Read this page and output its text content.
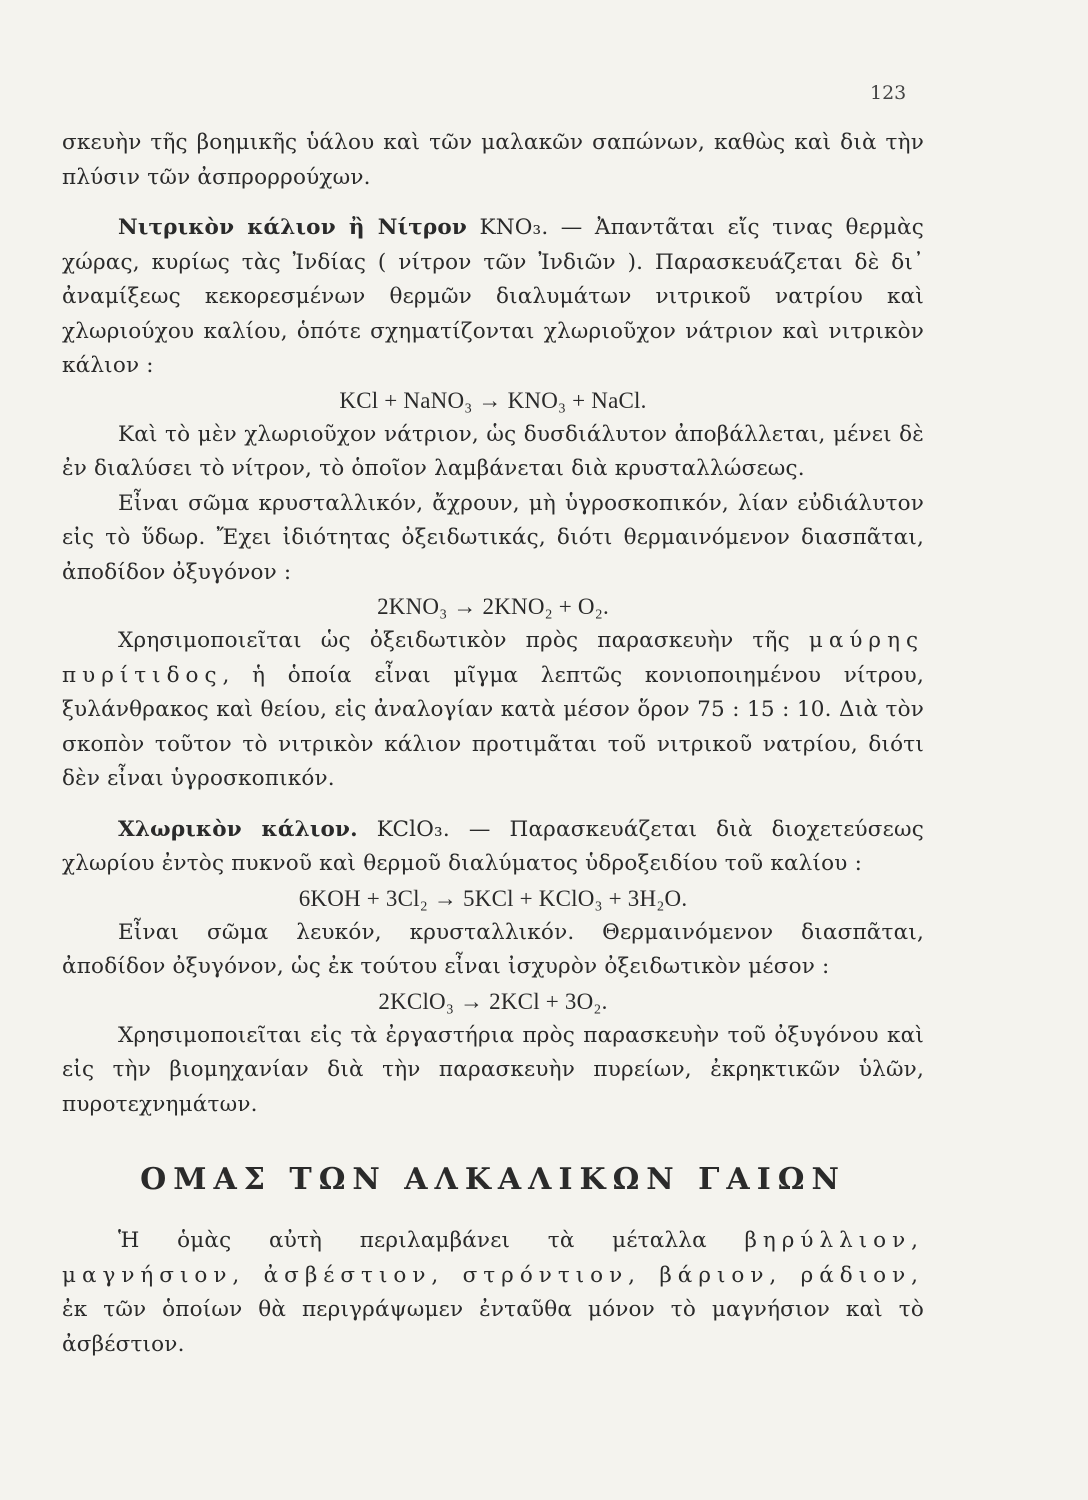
123

σκευὴν τῆς βοημικῆς ὑάλου καὶ τῶν μαλακῶν σαπώνων, καθὼς καὶ διὰ τὴν πλύσιν τῶν ἀσπρορρούχων.

Νιτρικὸν κάλιον ἢ Νίτρον KNO₃. — Ἀπαντᾶται εἴς τινας θερμὰς χώρας, κυρίως τὰς Ἰνδίας ( νίτρον τῶν Ἰνδιῶν ). Παρασκευάζεται δὲ δι᾽ ἀναμίξεως κεκορεσμένων θερμῶν διαλυμάτων νιτρικοῦ νατρίου καὶ χλωριούχου καλίου, ὁπότε σχηματίζονται χλωριοῦχον νάτριον καὶ νιτρικὸν κάλιον :

KCl + NaNO₃ → KNO₃ + NaCl.

Καὶ τὸ μὲν χλωριοῦχον νάτριον, ὡς δυσδιάλυτον ἀποβάλλεται, μένει δὲ ἐν διαλύσει τὸ νίτρον, τὸ ὁποῖον λαμβάνεται διὰ κρυσταλλώσεως.

Εἶναι σῶμα κρυσταλλικόν, ἄχρουν, μὴ ὑγροσκοπικόν, λίαν εὐδιάλυτον εἰς τὸ ὕδωρ. Ἔχει ἰδιότητας ὀξειδωτικάς, διότι θερμαινόμενον διασπᾶται, ἀποδίδον ὀξυγόνον :

2KNO₃ → 2KNO₂ + O₂.

Χρησιμοποιεῖται ὡς ὀξειδωτικὸν πρὸς παρασκευὴν τῆς μαύρης πυρίτιδος, ἡ ὁποία εἶναι μῖγμα λεπτῶς κονιοποιημένου νίτρου, ξυλάνθρακος καὶ θείου, εἰς ἀναλογίαν κατὰ μέσον ὅρον 75 : 15 : 10. Διὰ τὸν σκοπὸν τοῦτον τὸ νιτρικὸν κάλιον προτιμᾶται τοῦ νιτρικοῦ νατρίου, διότι δὲν εἶναι ὑγροσκοπικόν.

Χλωρικὸν κάλιον. KClO₃. — Παρασκευάζεται διὰ διοχετεύσεως χλωρίου ἐντὸς πυκνοῦ καὶ θερμοῦ διαλύματος ὑδροξειδίου τοῦ καλίου :

6KOH + 3Cl₂ → 5KCl + KClO₃ + 3H₂O.

Εἶναι σῶμα λευκόν, κρυσταλλικόν. Θερμαινόμενον διασπᾶται, ἀποδίδον ὀξυγόνον, ὡς ἐκ τούτου εἶναι ἰσχυρὸν ὀξειδωτικὸν μέσον :

2KClO₃ → 2KCl + 3O₂.

Χρησιμοποιεῖται εἰς τὰ ἐργαστήρια πρὸς παρασκευὴν τοῦ ὀξυγόνου καὶ εἰς τὴν βιομηχανίαν διὰ τὴν παρασκευὴν πυρείων, ἐκρηκτικῶν ὑλῶν, πυροτεχνημάτων.

ΟΜΑΣ ΤΩΝ ΑΛΚΑΛΙΚΩΝ ΓΑΙΩΝ

Ἡ ὁμὰς αὐτὴ περιλαμβάνει τὰ μέταλλα βηρύλλιον, μαγνήσιον, ἀσβέστιον, στρόντιον, βάριον, ράδιον, ἐκ τῶν ὁποίων θὰ περιγράψωμεν ἐνταῦθα μόνον τὸ μαγνήσιον καὶ τὸ ἀσβέστιον.
